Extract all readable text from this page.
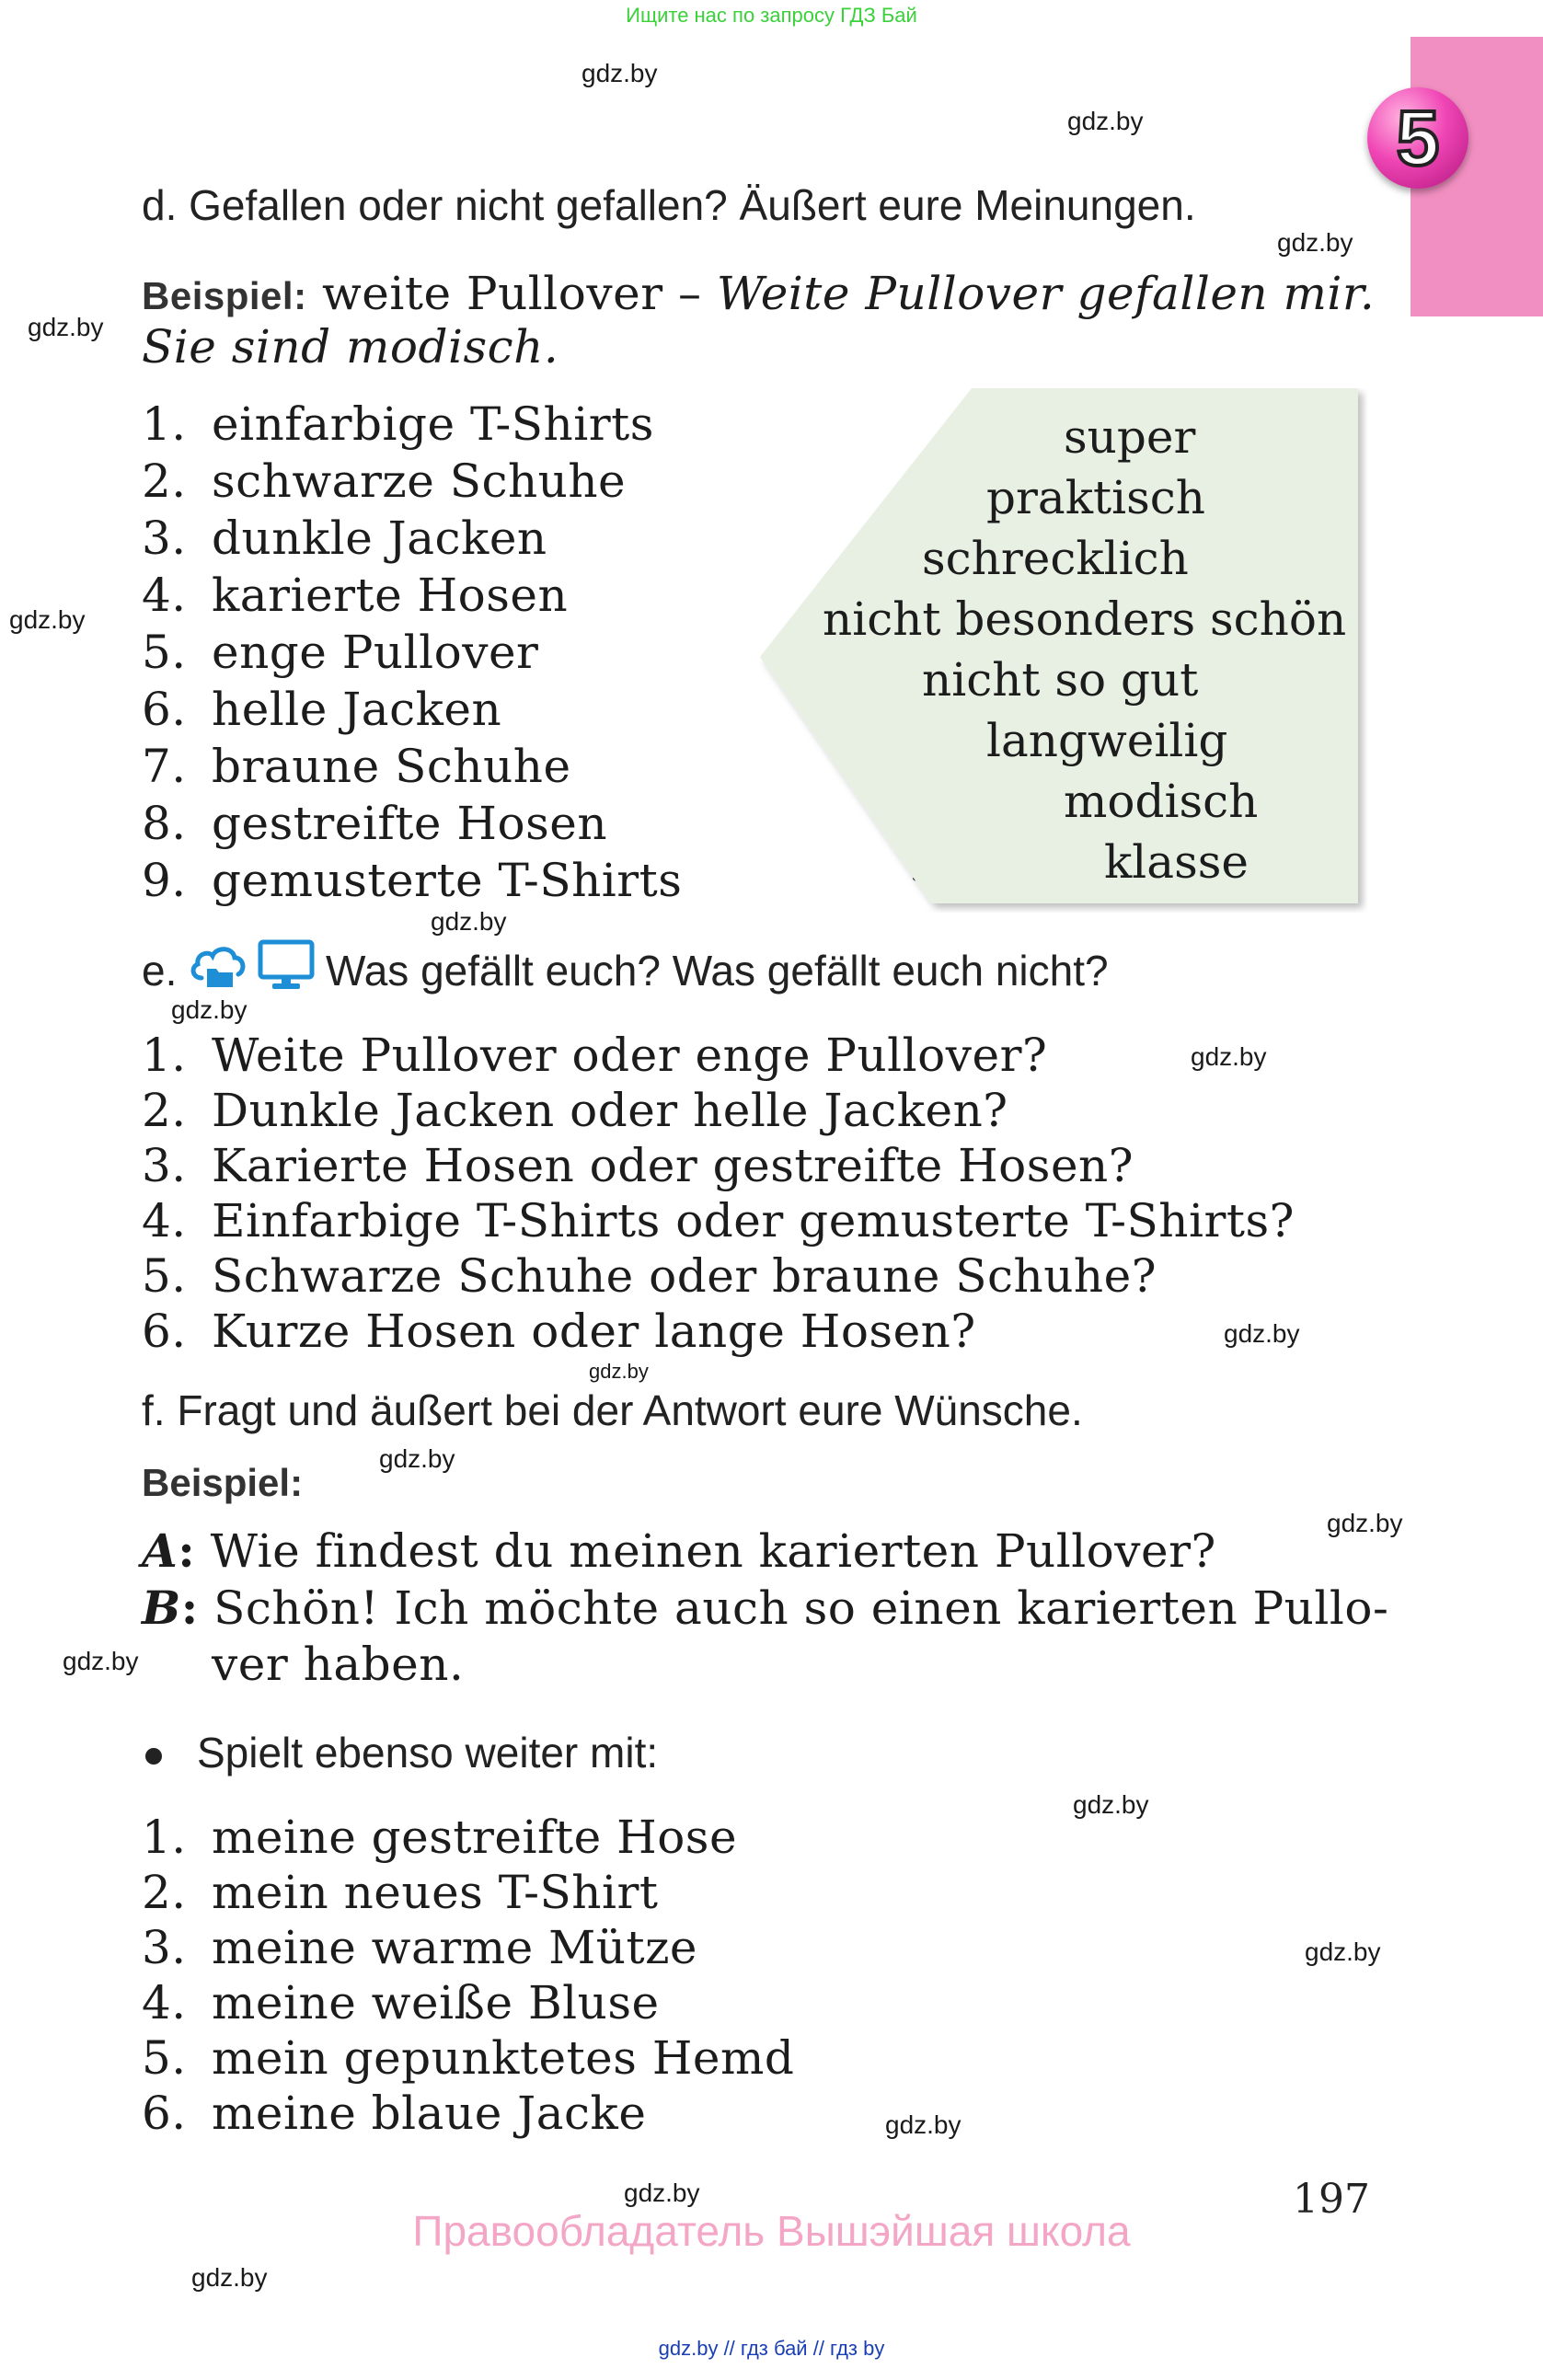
Ищите нас по запросу ГДЗ Бай
5
gdz.by
gdz.by
gdz.by
gdz.by
gdz.by
gdz.by
gdz.by
gdz.by
gdz.by
gdz.by
gdz.by
gdz.by
gdz.by
gdz.by
gdz.by
gdz.by
gdz.by
gdz.by
d. Gefallen oder nicht gefallen? Äußert eure Meinungen.
Beispiel: weite Pullover – Weite Pullover gefallen mir.
Sie sind modisch.
1. einfarbige T-Shirts
2. schwarze Schuhe
3. dunkle Jacken
4. karierte Hosen
5. enge Pullover
6. helle Jacken
7. braune Schuhe
8. gestreifte Hosen
9. gemusterte T-Shirts
super
praktisch
schrecklich
nicht besonders schön
nicht so gut
langweilig
modisch
klasse
e.	Was gefällt euch? Was gefällt euch nicht?
1. Weite Pullover oder enge Pullover?
2. Dunkle Jacken oder helle Jacken?
3. Karierte Hosen oder gestreifte Hosen?
4. Einfarbige T-Shirts oder gemusterte T-Shirts?
5. Schwarze Schuhe oder braune Schuhe?
6. Kurze Hosen oder lange Hosen?
f. Fragt und äußert bei der Antwort eure Wünsche.
Beispiel:
A: Wie findest du meinen karierten Pullover?
B: Schön! Ich möchte auch so einen karierten Pullo-
ver haben.
Spielt ebenso weiter mit:
1. meine gestreifte Hose
2. mein neues T-Shirt
3. meine warme Mütze
4. meine weiße Bluse
5. mein gepunktetes Hemd
6. meine blaue Jacke
197
Правообладатель Вышэйшая школа
gdz.by // гдз бай // гдз by
